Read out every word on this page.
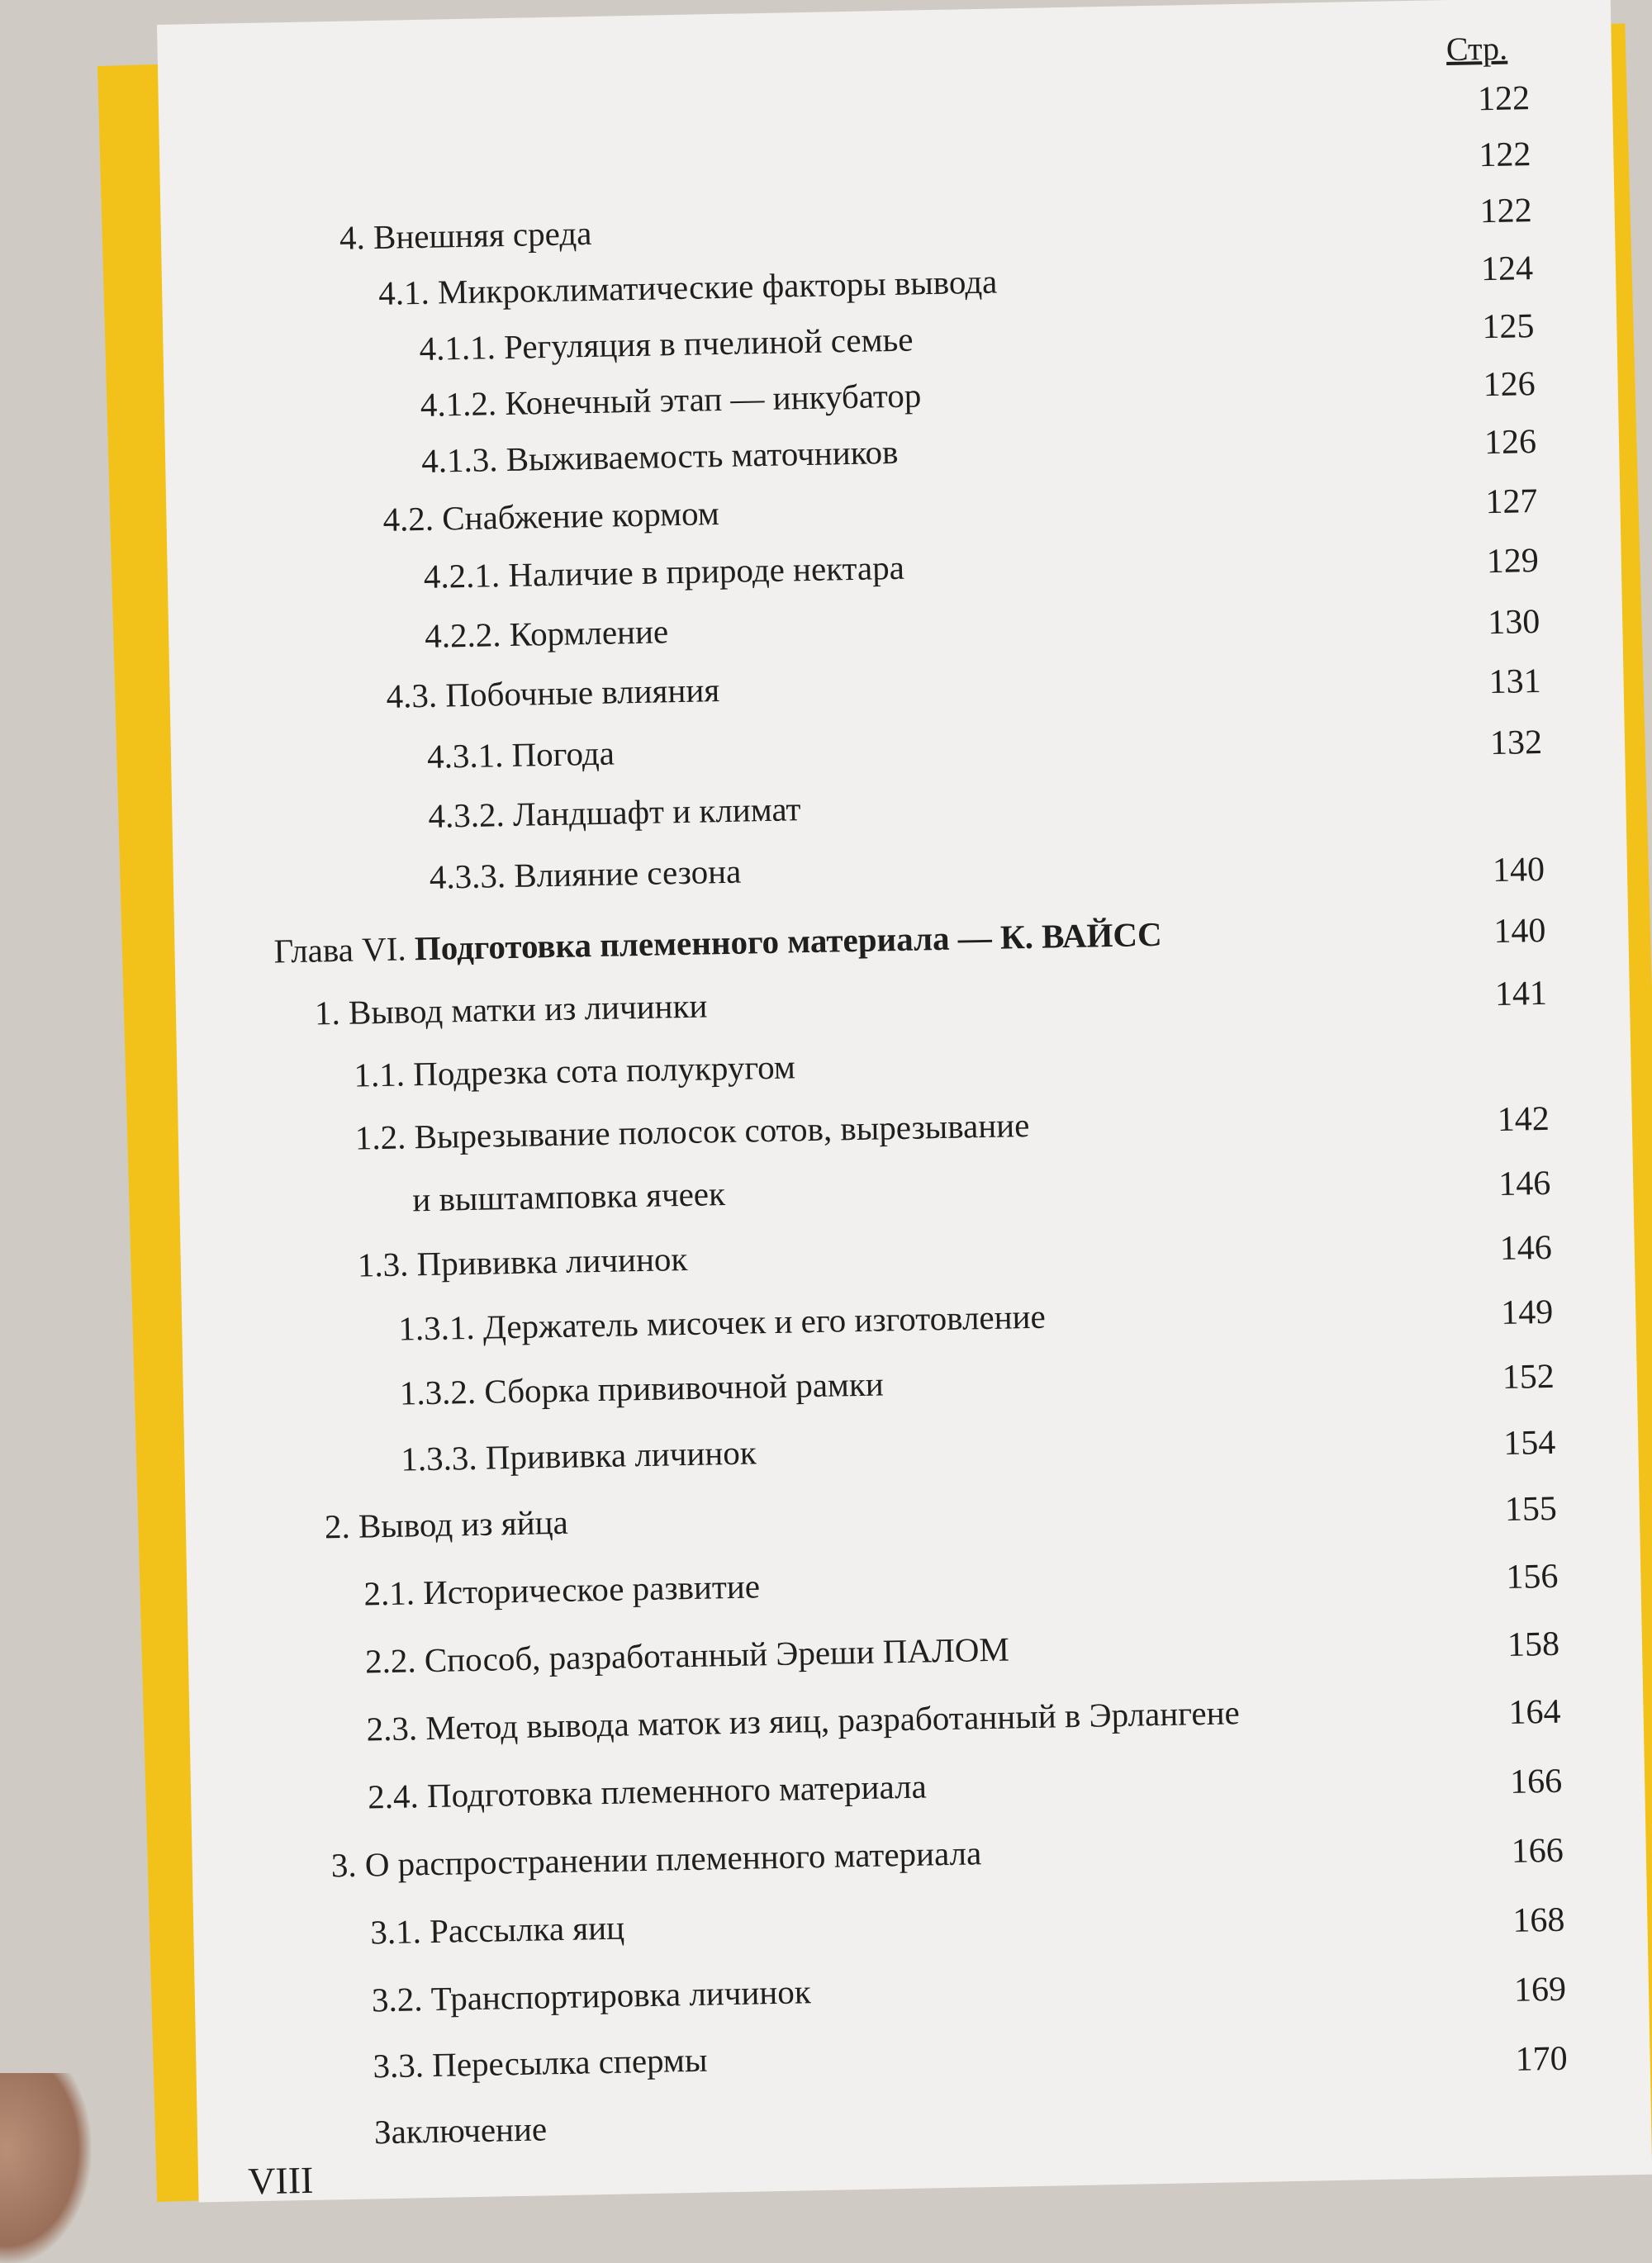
Стр.
122
122
122
124
125
126
126
127
129
130
131
132
140
140
141
142
146
146
149
152
154
155
156
158
164
166
166
168
169
170
4. Внешняя среда
4.1. Микроклиматические факторы вывода
4.1.1. Регуляция в пчелиной семье
4.1.2. Конечный этап — инкубатор
4.1.3. Выживаемость маточников
4.2. Снабжение кормом
4.2.1. Наличие в природе нектара
4.2.2. Кормление
4.3. Побочные влияния
4.3.1. Погода
4.3.2. Ландшафт и климат
4.3.3. Влияние сезона
Глава VI. Подготовка племенного материала — К. ВАЙСС
1. Вывод матки из личинки
1.1. Подрезка сота полукругом
1.2. Вырезывание полосок сотов, вырезывание
и выштамповка ячеек
1.3. Прививка личинок
1.3.1. Держатель мисочек и его изготовление
1.3.2. Сборка прививочной рамки
1.3.3. Прививка личинок
2. Вывод из яйца
2.1. Историческое развитие
2.2. Способ, разработанный Эреши ПАЛОМ
2.3. Метод вывода маток из яиц, разработанный в Эрлангене
2.4. Подготовка племенного материала
3. О распространении племенного материала
3.1. Рассылка яиц
3.2. Транспортировка личинок
3.3. Пересылка спермы
Заключение
VIII
